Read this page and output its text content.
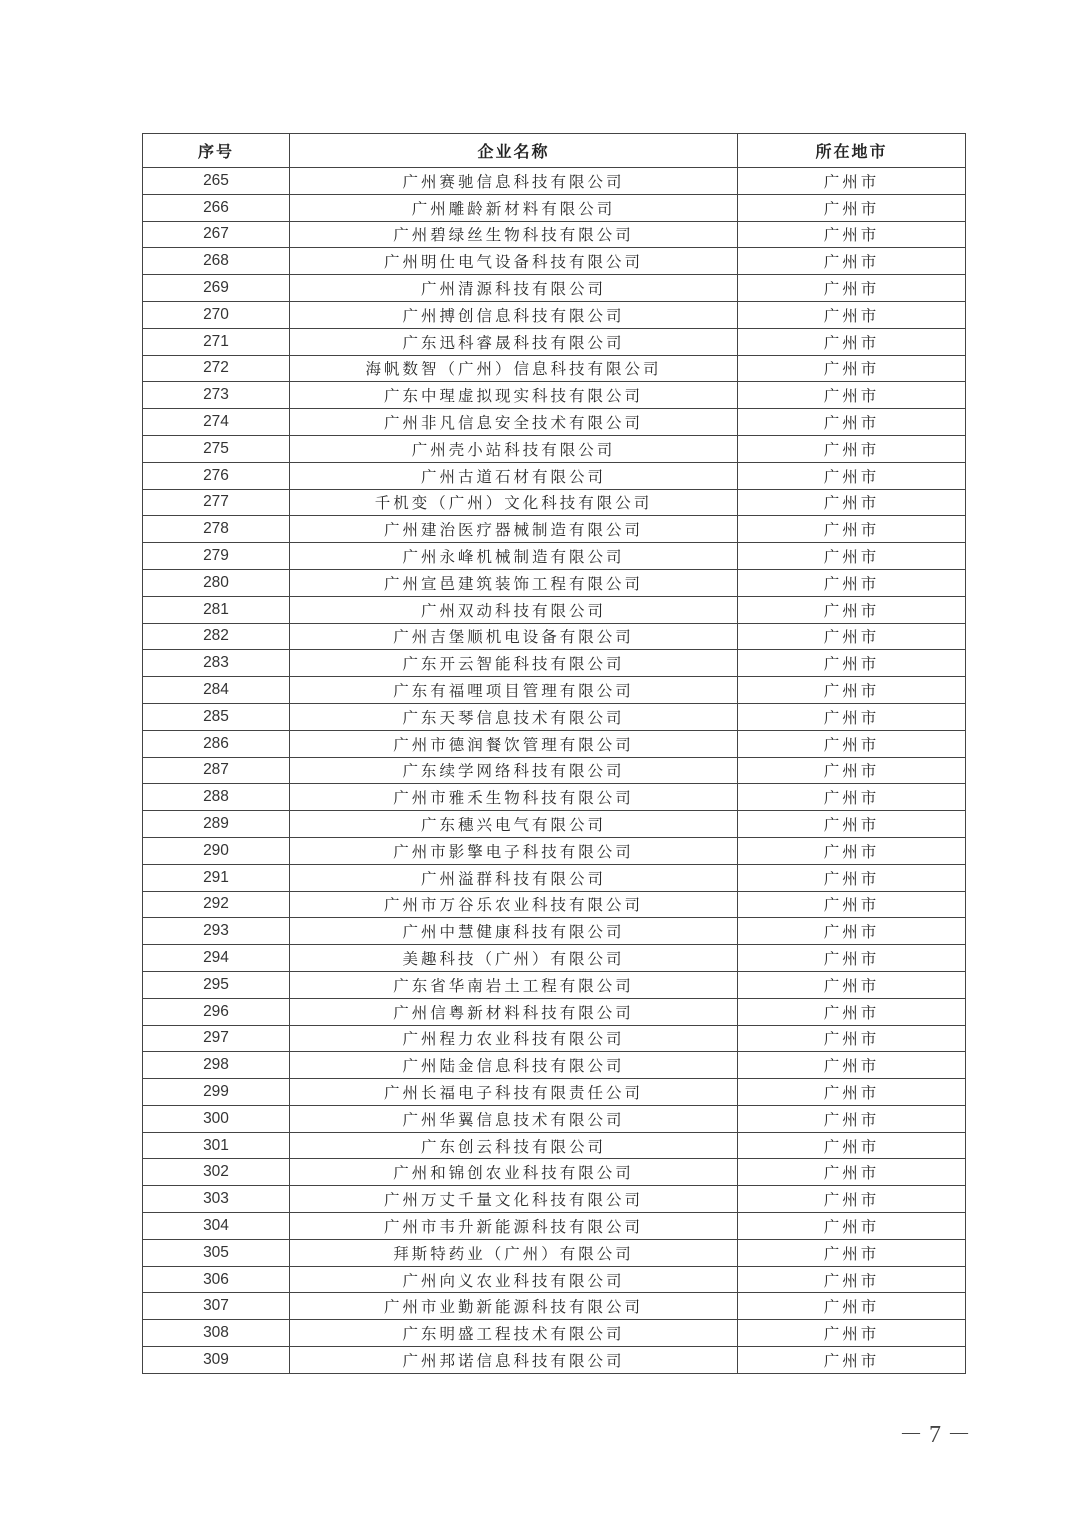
序号	企业名称	所在地市
265	广州赛驰信息科技有限公司	广州市
266	广州雕龄新材料有限公司	广州市
267	广州碧绿丝生物科技有限公司	广州市
268	广州明仕电气设备科技有限公司	广州市
269	广州清源科技有限公司	广州市
270	广州搏创信息科技有限公司	广州市
271	广东迅科睿晟科技有限公司	广州市
272	海帆数智（广州）信息科技有限公司	广州市
273	广东中瑆虚拟现实科技有限公司	广州市
274	广州非凡信息安全技术有限公司	广州市
275	广州壳小站科技有限公司	广州市
276	广州古道石材有限公司	广州市
277	千机变（广州）文化科技有限公司	广州市
278	广州建治医疗器械制造有限公司	广州市
279	广州永峰机械制造有限公司	广州市
280	广州宣邑建筑装饰工程有限公司	广州市
281	广州双动科技有限公司	广州市
282	广州吉堡顺机电设备有限公司	广州市
283	广东开云智能科技有限公司	广州市
284	广东有福哩项目管理有限公司	广州市
285	广东天琴信息技术有限公司	广州市
286	广州市德润餐饮管理有限公司	广州市
287	广东续学网络科技有限公司	广州市
288	广州市雅禾生物科技有限公司	广州市
289	广东穗兴电气有限公司	广州市
290	广州市影擎电子科技有限公司	广州市
291	广州溢群科技有限公司	广州市
292	广州市万谷乐农业科技有限公司	广州市
293	广州中慧健康科技有限公司	广州市
294	美趣科技（广州）有限公司	广州市
295	广东省华南岩土工程有限公司	广州市
296	广州信粤新材料科技有限公司	广州市
297	广州程力农业科技有限公司	广州市
298	广州陆金信息科技有限公司	广州市
299	广州长福电子科技有限责任公司	广州市
300	广州华翼信息技术有限公司	广州市
301	广东创云科技有限公司	广州市
302	广州和锦创农业科技有限公司	广州市
303	广州万丈千量文化科技有限公司	广州市
304	广州市韦升新能源科技有限公司	广州市
305	拜斯特药业（广州）有限公司	广州市
306	广州向义农业科技有限公司	广州市
307	广州市业勤新能源科技有限公司	广州市
308	广东明盛工程技术有限公司	广州市
309	广州邦诺信息科技有限公司	广州市
－ 7 －
